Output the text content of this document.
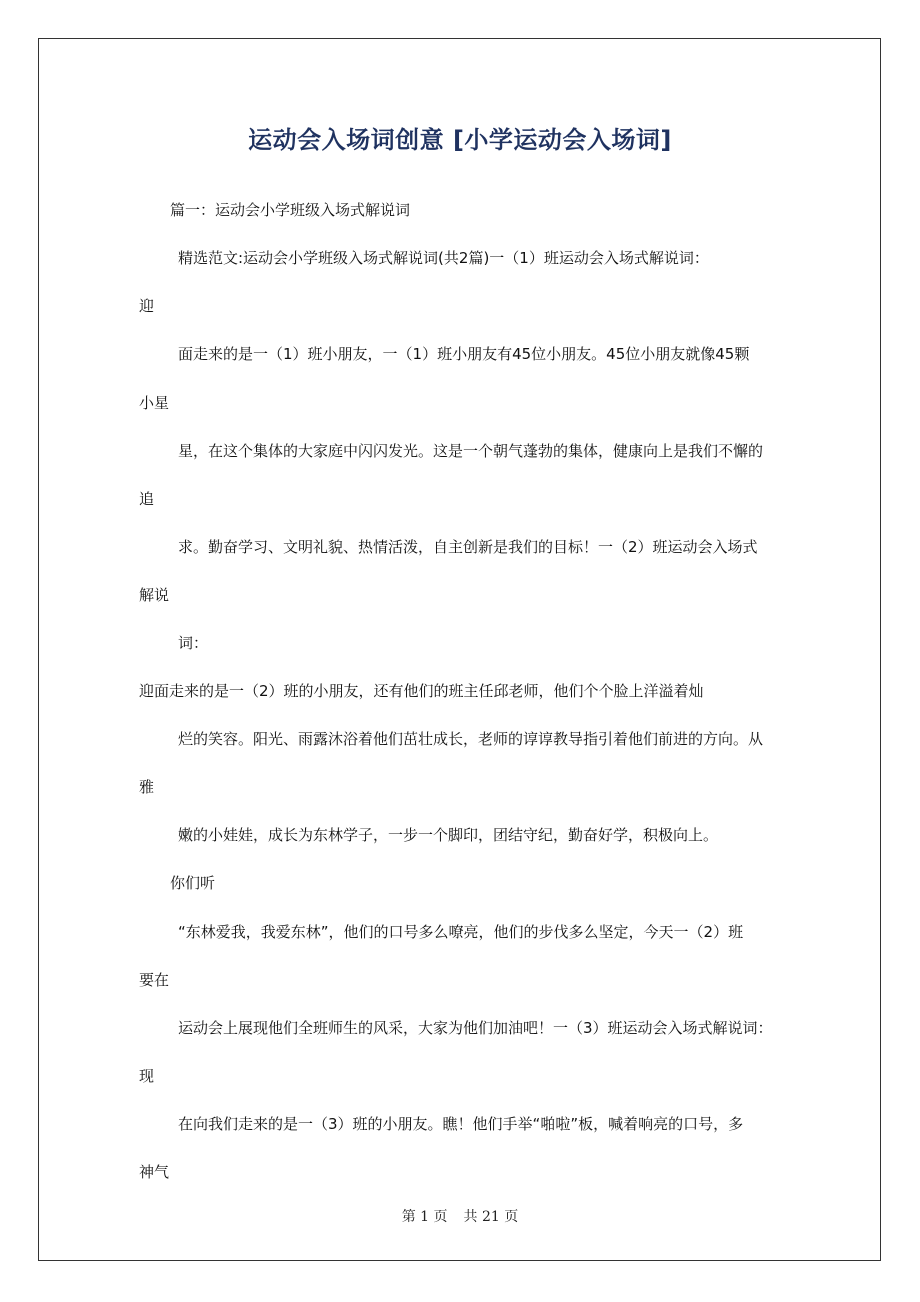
运动会入场词创意 [小学运动会入场词]
篇一：运动会小学班级入场式解说词
精选范文:运动会小学班级入场式解说词(共2篇)一（1）班运动会入场式解说词：
迎
面走来的是一（1）班小朋友，一（1）班小朋友有45位小朋友。45位小朋友就像45颗
小星
星，在这个集体的大家庭中闪闪发光。这是一个朝气蓬勃的集体，健康向上是我们不懈的
追
求。勤奋学习、文明礼貌、热情活泼，自主创新是我们的目标！一（2）班运动会入场式
解说
词：
迎面走来的是一（2）班的小朋友，还有他们的班主任邱老师，他们个个脸上洋溢着灿
烂的笑容。阳光、雨露沐浴着他们茁壮成长，老师的谆谆教导指引着他们前进的方向。从
雅
嫩的小娃娃，成长为东林学子，一步一个脚印，团结守纪，勤奋好学，积极向上。
你们听
“东林爱我，我爱东林”，他们的口号多么嘹亮，他们的步伐多么坚定，今天一（2）班
要在
运动会上展现他们全班师生的风采，大家为他们加油吧！一（3）班运动会入场式解说词：
现
在向我们走来的是一（3）班的小朋友。瞧！他们手举“啪啦”板，喊着响亮的口号，多
神气
第 1 页 共 21 页
